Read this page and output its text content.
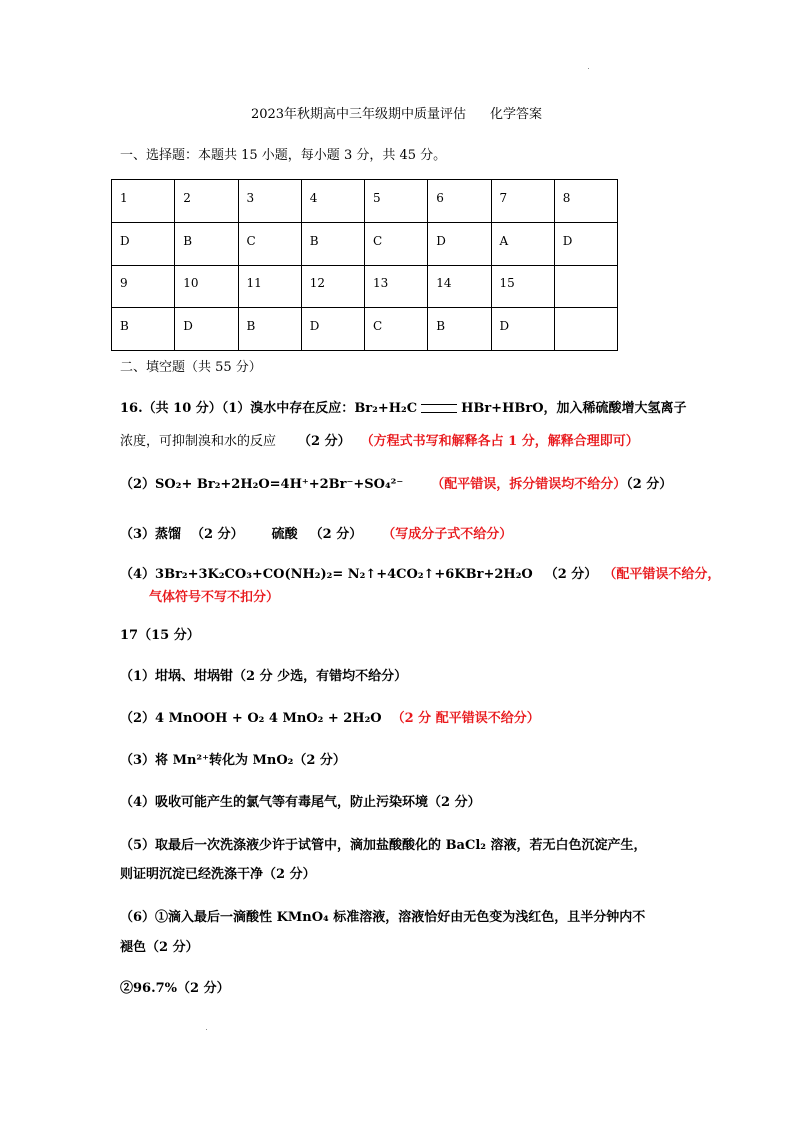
2023年秋期高中三年级期中质量评估 化学答案
一、选择题：本题共 15 小题，每小题 3 分，共 45 分。
1	2	3	4	5	6	7	8
D	B	C	B	C	D	A	D
9	10	11	12	13	14	15	
B	D	B	D	C	B	D	
二、填空题（共 55 分）
16.（共 10 分）（1）溴水中存在反应：Br₂+H₂C	HBr+HBrO，加入稀硫酸增大氢离子
浓度，可抑制溴和水的反应 （2 分） （方程式书写和解释各占 1 分，解释合理即可）
（2）SO₂+ Br₂+2H₂O=4H⁺+2Br⁻+SO₄²⁻ （配平错误，拆分错误均不给分）（2 分）
（3）蒸馏 （2 分） 硫酸 （2 分） （写成分子式不给分）
（4）3Br₂+3K₂CO₃+CO(NH₂)₂= N₂↑+4CO₂↑+6KBr+2H₂O （2 分） （配平错误不给分，
气体符号不写不扣分）
17（15 分）
（1）坩埚、坩埚钳（2 分 少选，有错均不给分）
（2）4 MnOOH + O₂ 4 MnO₂ + 2H₂O （2 分 配平错误不给分）
（3）将 Mn²⁺转化为 MnO₂（2 分）
（4）吸收可能产生的氯气等有毒尾气，防止污染环境（2 分）
（5）取最后一次洗涤液少许于试管中，滴加盐酸酸化的 BaCl₂ 溶液，若无白色沉淀产生，
则证明沉淀已经洗涤干净（2 分）
（6）①滴入最后一滴酸性 KMnO₄ 标准溶液，溶液恰好由无色变为浅红色，且半分钟内不
褪色（2 分）
②96.7%（2 分）
